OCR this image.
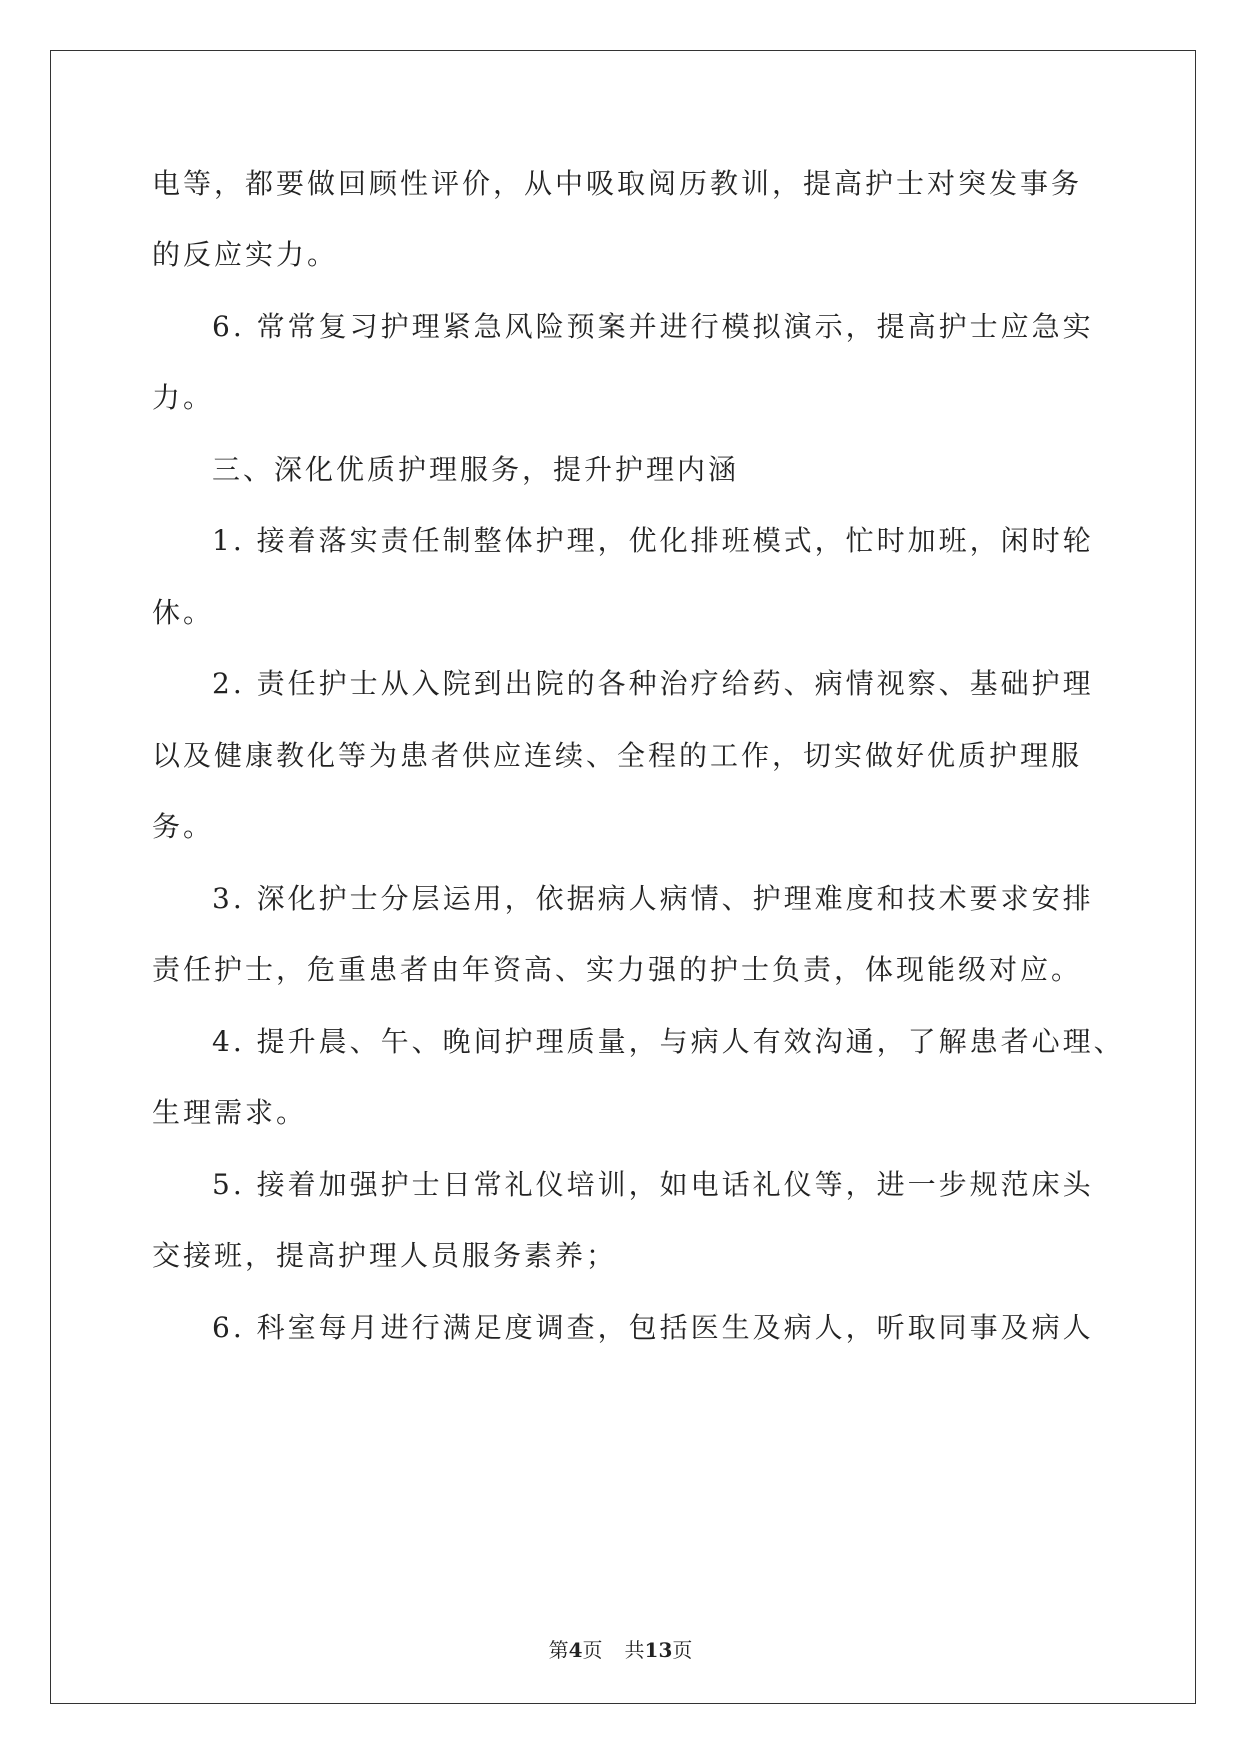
电等，都要做回顾性评价，从中吸取阅历教训，提高护士对突发事务
的反应实力。
6. 常常复习护理紧急风险预案并进行模拟演示，提高护士应急实
力。
三、深化优质护理服务，提升护理内涵
1. 接着落实责任制整体护理，优化排班模式，忙时加班，闲时轮
休。
2. 责任护士从入院到出院的各种治疗给药、病情视察、基础护理
以及健康教化等为患者供应连续、全程的工作，切实做好优质护理服
务。
3. 深化护士分层运用，依据病人病情、护理难度和技术要求安排
责任护士，危重患者由年资高、实力强的护士负责，体现能级对应。
4. 提升晨、午、晚间护理质量，与病人有效沟通，了解患者心理、
生理需求。
5. 接着加强护士日常礼仪培训，如电话礼仪等，进一步规范床头
交接班，提高护理人员服务素养；
6. 科室每月进行满足度调查，包括医生及病人，听取同事及病人
第4页 共13页
